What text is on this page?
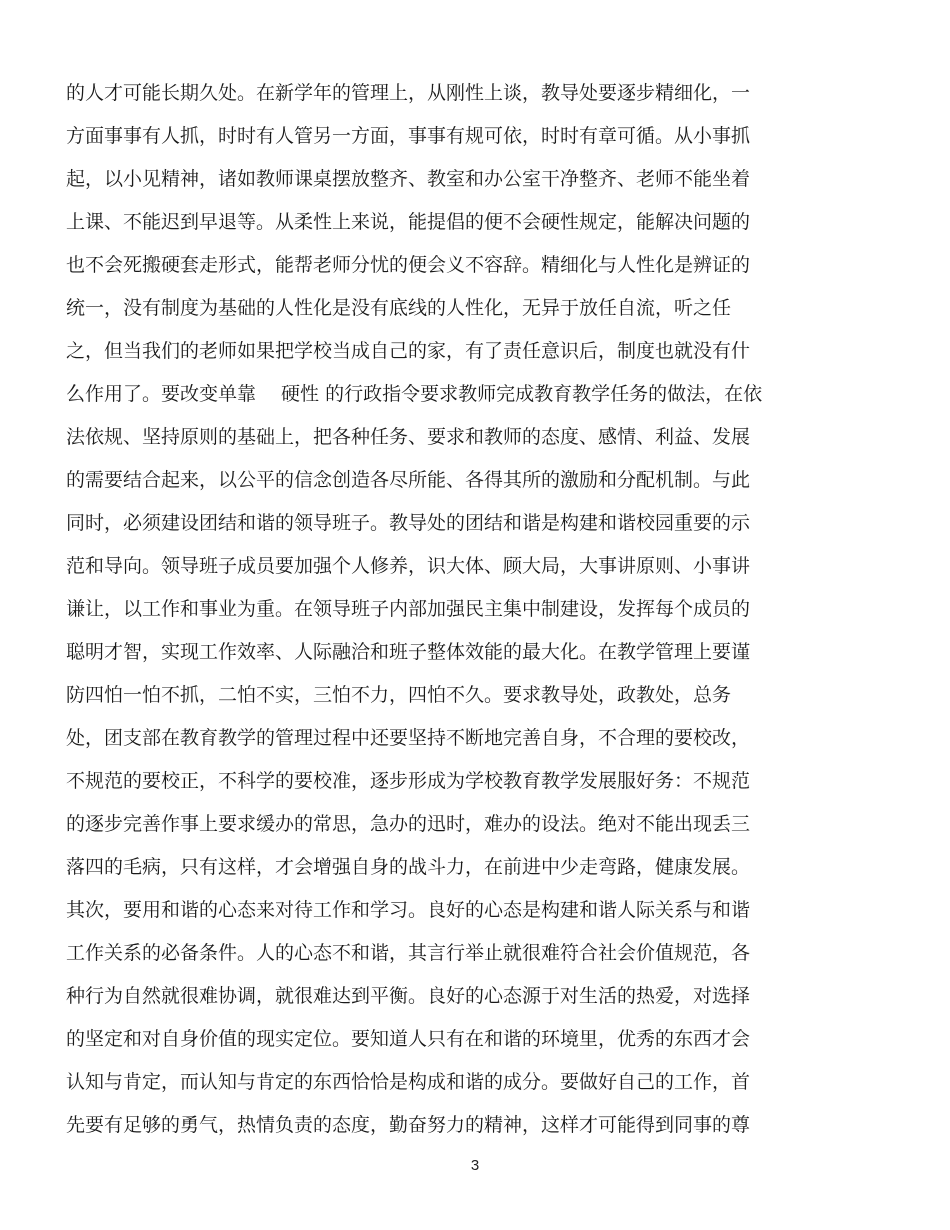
的人才可能长期久处。在新学年的管理上，从刚性上谈，教导处要逐步精细化，一
方面事事有人抓，时时有人管另一方面，事事有规可依，时时有章可循。从小事抓
起，以小见精神，诸如教师课桌摆放整齐、教室和办公室干净整齐、老师不能坐着
上课、不能迟到早退等。从柔性上来说，能提倡的便不会硬性规定，能解决问题的
也不会死搬硬套走形式，能帮老师分忧的便会义不容辞。精细化与人性化是辨证的
统一，没有制度为基础的人性化是没有底线的人性化，无异于放任自流，听之任
之，但当我们的老师如果把学校当成自己的家，有了责任意识后，制度也就没有什
么作用了。要改变单靠　 硬性 的行政指令要求教师完成教育教学任务的做法，在依
法依规、坚持原则的基础上，把各种任务、要求和教师的态度、感情、利益、发展
的需要结合起来，以公平的信念创造各尽所能、各得其所的激励和分配机制。与此
同时，必须建设团结和谐的领导班子。教导处的团结和谐是构建和谐校园重要的示
范和导向。领导班子成员要加强个人修养，识大体、顾大局，大事讲原则、小事讲
谦让，以工作和事业为重。在领导班子内部加强民主集中制建设，发挥每个成员的
聪明才智，实现工作效率、人际融洽和班子整体效能的最大化。在教学管理上要谨
防四怕一怕不抓，二怕不实，三怕不力，四怕不久。要求教导处，政教处，总务
处，团支部在教育教学的管理过程中还要坚持不断地完善自身，不合理的要校改，
不规范的要校正，不科学的要校准，逐步形成为学校教育教学发展服好务：不规范
的逐步完善作事上要求缓办的常思，急办的迅时，难办的设法。绝对不能出现丢三
落四的毛病，只有这样，才会增强自身的战斗力，在前进中少走弯路，健康发展。
其次，要用和谐的心态来对待工作和学习。良好的心态是构建和谐人际关系与和谐
工作关系的必备条件。人的心态不和谐，其言行举止就很难符合社会价值规范，各
种行为自然就很难协调，就很难达到平衡。良好的心态源于对生活的热爱，对选择
的坚定和对自身价值的现实定位。要知道人只有在和谐的环境里，优秀的东西才会
认知与肯定，而认知与肯定的东西恰恰是构成和谐的成分。要做好自己的工作，首
先要有足够的勇气，热情负责的态度，勤奋努力的精神，这样才可能得到同事的尊
3
